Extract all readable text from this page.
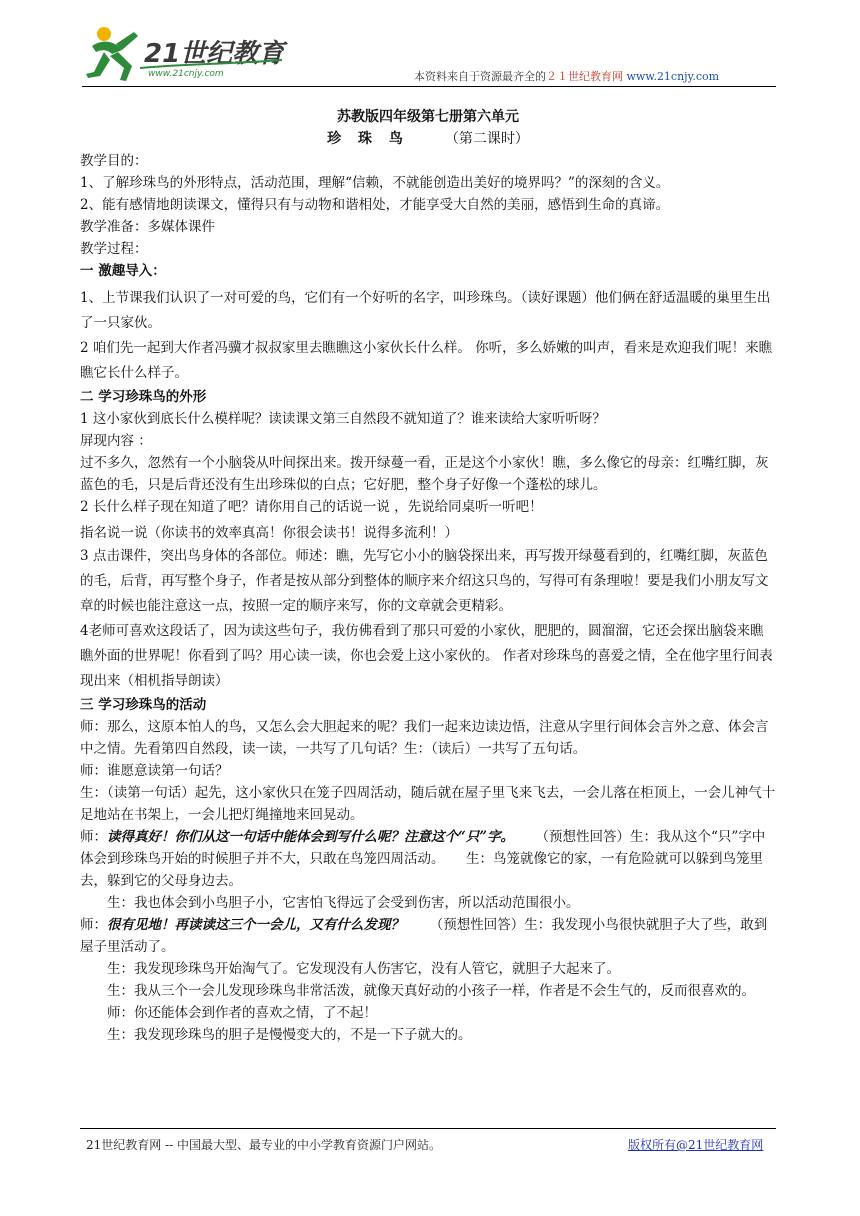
21世纪教育
www.21cnjy.com	本资料来自于资源最齐全的２１世纪教育网 www.21cnjy.com

苏教版四年级第七册第六单元

珍 珠 鸟	（第二课时）

教学目的：

1、了解珍珠鸟的外形特点，活动范围，理解“信赖，不就能创造出美好的境界吗？”的深刻的含义。

2、能有感情地朗读课文，懂得只有与动物和谐相处，才能享受大自然的美丽，感悟到生命的真谛。

教学准备：多媒体课件

教学过程：

一 激趣导入：

1、上节课我们认识了一对可爱的鸟，它们有一个好听的名字，叫珍珠鸟。（读好课题）他们俩在舒适温暖的巢里生出了一只家伙。

2 咱们先一起到大作者冯骥才叔叔家里去瞧瞧这小家伙长什么样。 你听，多么娇嫩的叫声，看来是欢迎我们呢！来瞧瞧它长什么样子。

二 学习珍珠鸟的外形

1 这小家伙到底长什么模样呢？读读课文第三自然段不就知道了？谁来读给大家听听呀？

屏现内容 ：

过不多久，忽然有一个小脑袋从叶间探出来。拨开绿蔓一看，正是这个小家伙！瞧，多么像它的母亲：红嘴红脚，灰蓝色的毛，只是后背还没有生出珍珠似的白点；它好肥，整个身子好像一个蓬松的球儿。

2 长什么样子现在知道了吧？请你用自己的话说一说 ，先说给同桌听一听吧！

指名说一说（你读书的效率真高！你很会读书！说得多流利！）

3 点击课件，突出鸟身体的各部位。师述：瞧，先写它小小的脑袋探出来，再写拨开绿蔓看到的，红嘴红脚，灰蓝色的毛，后背，再写整个身子，作者是按从部分到整体的顺序来介绍这只鸟的，写得可有条理啦！要是我们小朋友写文章的时候也能注意这一点，按照一定的顺序来写，你的文章就会更精彩。

4老师可喜欢这段话了，因为读这些句子，我仿佛看到了那只可爱的小家伙，肥肥的，圆溜溜，它还会探出脑袋来瞧瞧外面的世界呢！你看到了吗？用心读一读，你也会爱上这小家伙的。 作者对珍珠鸟的喜爱之情，全在他字里行间表现出来（相机指导朗读）

三 学习珍珠鸟的活动

师：那么，这原本怕人的鸟，又怎么会大胆起来的呢？我们一起来边读边悟，注意从字里行间体会言外之意、体会言中之情。先看第四自然段，读一读，一共写了几句话？生：（读后）一共写了五句话。

师：谁愿意读第一句话？

生：（读第一句话）起先，这小家伙只在笼子四周活动，随后就在屋子里飞来飞去，一会儿落在柜顶上，一会儿神气十足地站在书架上，一会儿把灯绳撞地来回晃动。

师：读得真好！你们从这一句话中能体会到写什么呢？注意这个“只”字。 （预想性回答）生：我从这个“只”字中体会到珍珠鸟开始的时候胆子并不大，只敢在鸟笼四周活动。 生：鸟笼就像它的家，一有危险就可以躲到鸟笼里去，躲到它的父母身边去。

生：我也体会到小鸟胆子小，它害怕飞得远了会受到伤害，所以活动范围很小。

师：很有见地！再读读这三个一会儿，又有什么发现？ （预想性回答）生：我发现小鸟很快就胆子大了些，敢到屋子里活动了。

生：我发现珍珠鸟开始淘气了。它发现没有人伤害它，没有人管它，就胆子大起来了。

生：我从三个一会儿发现珍珠鸟非常活泼，就像天真好动的小孩子一样，作者是不会生气的，反而很喜欢的。

师：你还能体会到作者的喜欢之情，了不起！

生：我发现珍珠鸟的胆子是慢慢变大的，不是一下子就大的。

21世纪教育网 -- 中国最大型、最专业的中小学教育资源门户网站。	版权所有@21世纪教育网
